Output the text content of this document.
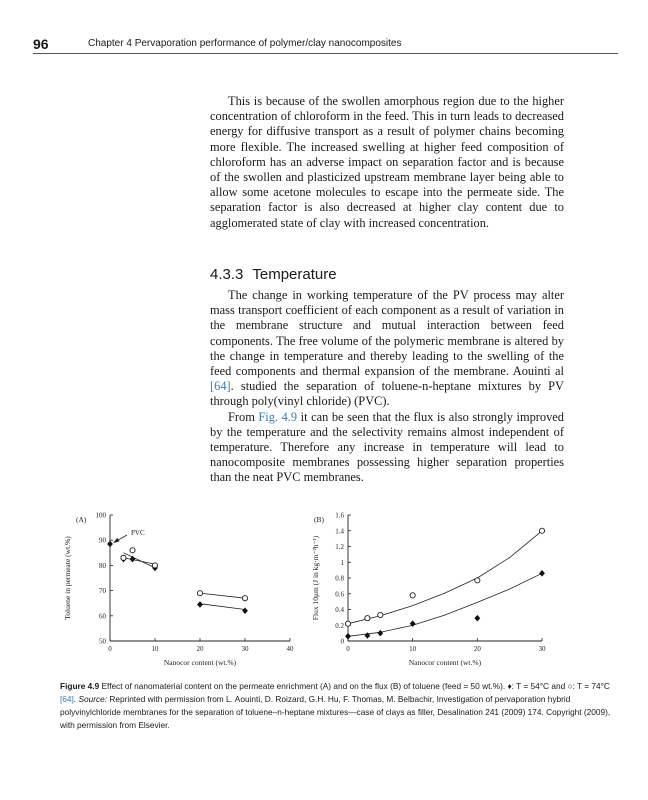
96	Chapter 4 Pervaporation performance of polymer/clay nanocomposites

This is because of the swollen amorphous region due to the higher concentration of chloroform in the feed. This in turn leads to decreased energy for diffusive transport as a result of polymer chains becoming more flexible. The increased swelling at higher feed composition of chloroform has an adverse impact on separation factor and is because of the swollen and plasticized upstream membrane layer being able to allow some acetone molecules to escape into the permeate side. The separation factor is also decreased at higher clay content due to agglomerated state of clay with increased concentration.

4.3.3 Temperature

The change in working temperature of the PV process may alter mass transport coefficient of each component as a result of variation in the membrane structure and mutual interaction between feed components. The free volume of the polymeric membrane is altered by the change in temperature and thereby leading to the swelling of the feed components and thermal expansion of the membrane. Aouinti al [64]. studied the separation of toluene-n-heptane mixtures by PV through poly(vinyl chloride) (PVC).

From Fig. 4.9 it can be seen that the flux is also strongly improved by the temperature and the selectivity remains almost independent of temperature. Therefore any increase in temperature will lead to nanocomposite membranes possessing higher separation properties than the neat PVC membranes.

50
60
70
80
90
100
0	10	20	30	40
(A)
Nanocor content (wt.%)
Toluene in permeate (wt.%)
PVC
0
0.2
0.4
0.6
0.8
1
1.2
1.4
1.6
0	10	20	30
(B)
Nanocor content (wt.%)
Flux 10μm (J in kg·m⁻²h⁻¹)
Figure 4.9 Effect of nanomaterial content on the permeate enrichment (A) and on the flux (B) of toluene (feed = 50 wt.%). ♦: T = 54°C and ○: T = 74°C [64]. Source: Reprinted with permission from L. Aouinti, D. Roizard, G.H. Hu, F. Thomas, M. Belbachir, Investigation of pervaporation hybrid polyvinylchloride membranes for the separation of toluene–n-heptane mixtures—case of clays as filler, Desalination 241 (2009) 174. Copyright (2009), with permission from Elsevier.
